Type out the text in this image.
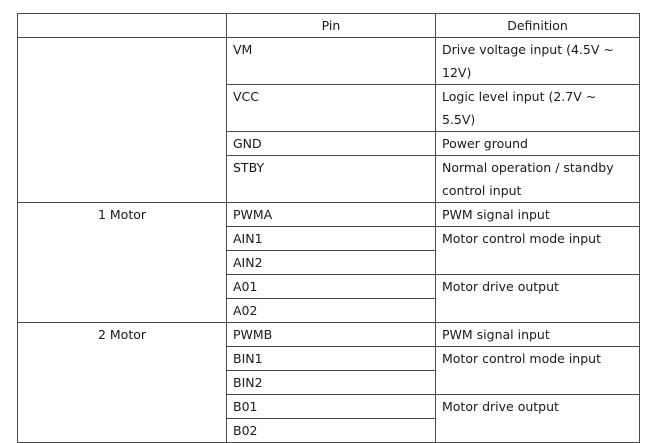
	Pin	Definition
	VM	Drive voltage input (4.5V ~ 12V)
	VCC	Logic level input (2.7V ~ 5.5V)
	GND	Power ground
	STBY	Normal operation / standby control input
1 Motor	PWMA	PWM signal input
	AIN1	Motor control mode input
	AIN2	
	A01	Motor drive output
	A02	
2 Motor	PWMB	PWM signal input
	BIN1	Motor control mode input
	BIN2	
	B01	Motor drive output
	B02	
